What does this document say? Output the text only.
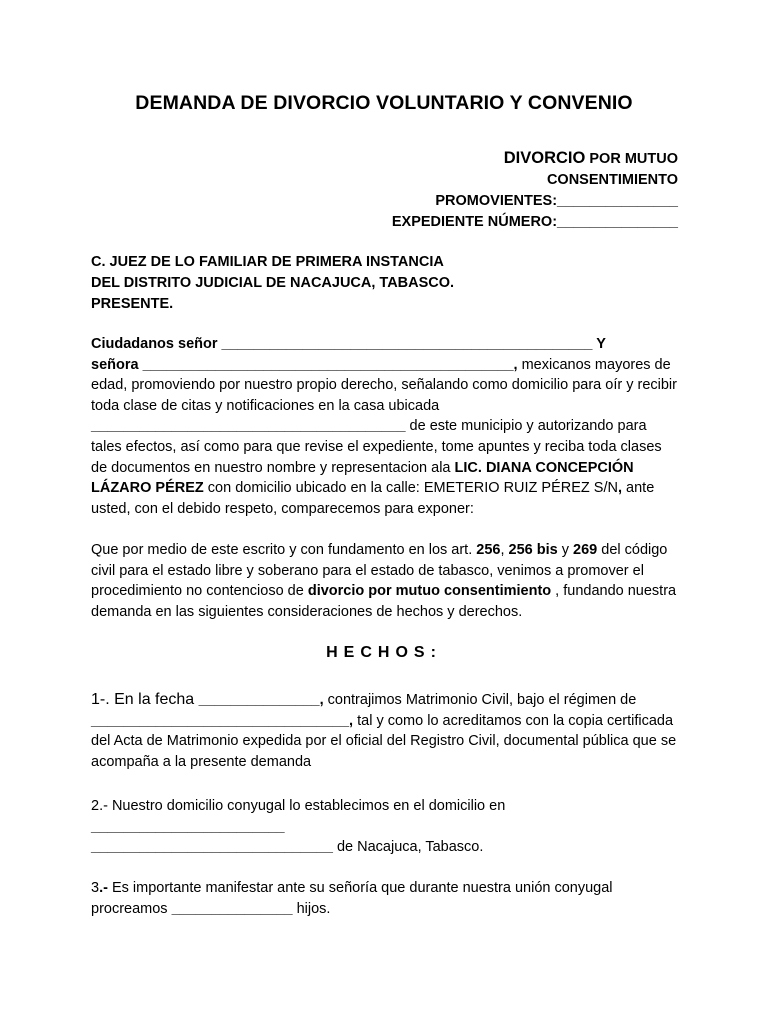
DEMANDA DE DIVORCIO VOLUNTARIO Y CONVENIO
DIVORCIO POR MUTUO
CONSENTIMIENTO
PROMOVIENTES:_______________
EXPEDIENTE NÚMERO:_______________
C. JUEZ DE LO FAMILIAR DE PRIMERA INSTANCIA
DEL DISTRITO JUDICIAL DE NACAJUCA, TABASCO.
PRESENTE.
Ciudadanos señor ______________________________________________ Y
señora ______________________________________________, mexicanos mayores de edad, promoviendo por nuestro propio derecho, señalando como domicilio para oír y recibir toda clase de citas y notificaciones en la casa ubicada _______________________________________ de este municipio y autorizando para tales efectos, así como para que revise el expediente, tome apuntes y reciba toda clases de documentos en nuestro nombre y representacion ala LIC. DIANA CONCEPCIÓN LÁZARO PÉREZ con domicilio ubicado en la calle: EMETERIO RUIZ PÉREZ S/N, ante usted, con el debido respeto, comparecemos para exponer:
Que por medio de este escrito y con fundamento en los art. 256, 256 bis y 269 del código civil para el estado libre y soberano para el estado de tabasco, venimos a promover el procedimiento no contencioso de divorcio por mutuo consentimiento , fundando nuestra demanda en las siguientes consideraciones de hechos y derechos.
HECHOS:
1-. En la fecha _______________, contrajimos Matrimonio Civil, bajo el régimen de ________________________________, tal y como lo acreditamos con la copia certificada del Acta de Matrimonio expedida por el oficial del Registro Civil, documental pública que se acompaña a la presente demanda
2.- Nuestro domicilio conyugal lo establecimos en el domicilio en
________________________
______________________________ de Nacajuca, Tabasco.
3.- Es importante manifestar ante su señoría que durante nuestra unión conyugal procreamos _______________ hijos.
